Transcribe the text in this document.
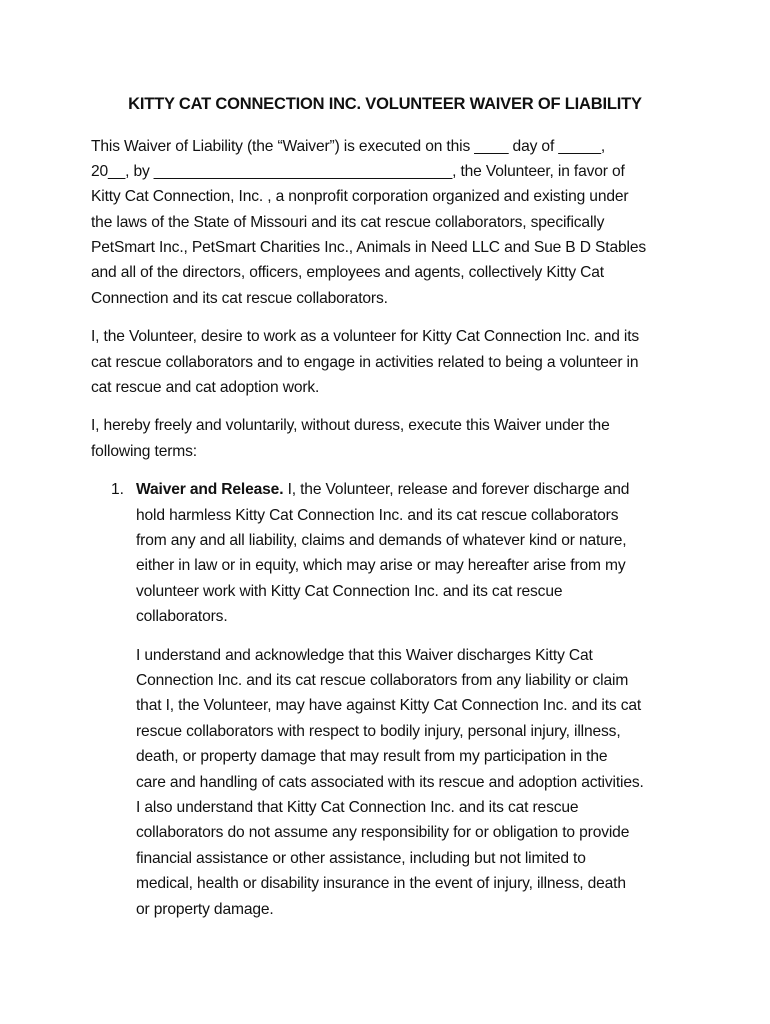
KITTY CAT CONNECTION INC. VOLUNTEER WAIVER OF LIABILITY
This Waiver of Liability (the “Waiver”) is executed on this ____ day of _____,
20__, by ___________________________________, the Volunteer, in favor of
Kitty Cat Connection, Inc. , a nonprofit corporation organized and existing under
the laws of the State of Missouri and its cat rescue collaborators, specifically
PetSmart Inc., PetSmart Charities Inc., Animals in Need LLC and Sue B D Stables
and all of the directors, officers, employees and agents, collectively Kitty Cat
Connection and its cat rescue collaborators.
I, the Volunteer, desire to work as a volunteer for Kitty Cat Connection Inc. and its
cat rescue collaborators and to engage in activities related to being a volunteer in
cat rescue and cat adoption work.
I, hereby freely and voluntarily, without duress, execute this Waiver under the
following terms:
1. Waiver and Release. I, the Volunteer, release and forever discharge and
hold harmless Kitty Cat Connection Inc. and its cat rescue collaborators
from any and all liability, claims and demands of whatever kind or nature,
either in law or in equity, which may arise or may hereafter arise from my
volunteer work with Kitty Cat Connection Inc. and its cat rescue
collaborators.
I understand and acknowledge that this Waiver discharges Kitty Cat
Connection Inc. and its cat rescue collaborators from any liability or claim
that I, the Volunteer, may have against Kitty Cat Connection Inc. and its cat
rescue collaborators with respect to bodily injury, personal injury, illness,
death, or property damage that may result from my participation in the
care and handling of cats associated with its rescue and adoption activities.
I also understand that Kitty Cat Connection Inc. and its cat rescue
collaborators do not assume any responsibility for or obligation to provide
financial assistance or other assistance, including but not limited to
medical, health or disability insurance in the event of injury, illness, death
or property damage.
